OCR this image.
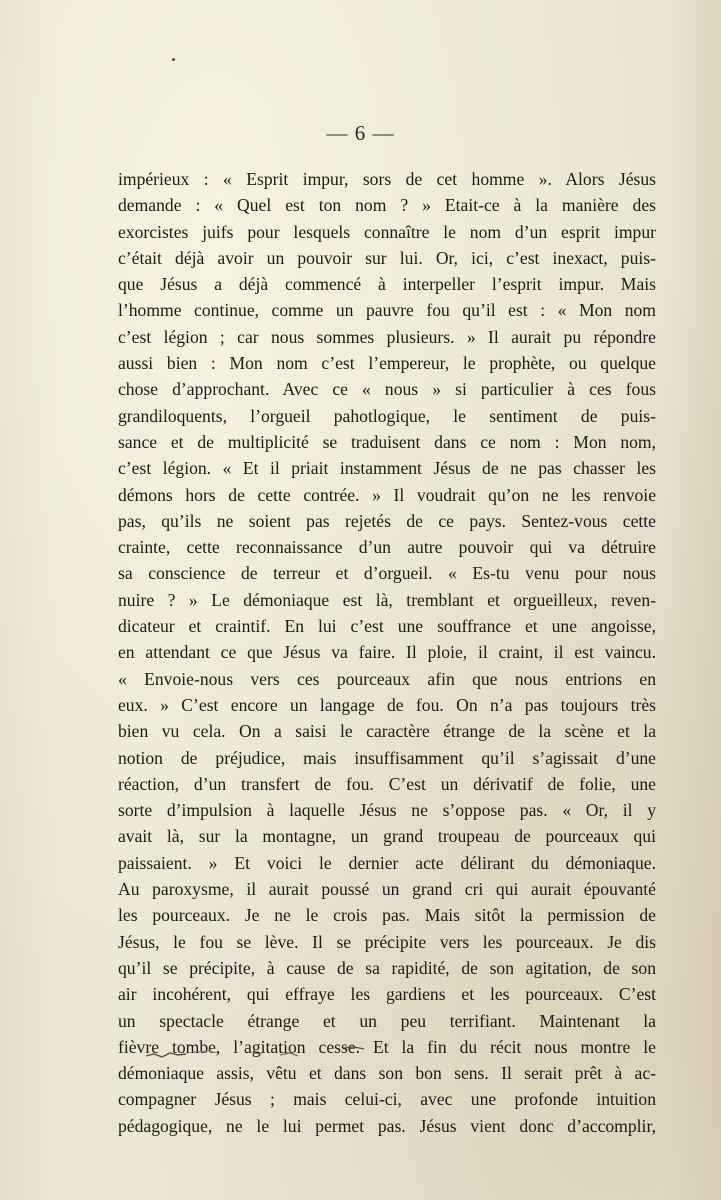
— 6 —
impérieux : « Esprit impur, sors de cet homme ». Alors Jésus
demande : « Quel est ton nom ? » Etait-ce à la manière des
exorcistes juifs pour lesquels connaître le nom d’un esprit impur
c’était déjà avoir un pouvoir sur lui. Or, ici, c’est inexact, puis-
que Jésus a déjà commencé à interpeller l’esprit impur. Mais
l’homme continue, comme un pauvre fou qu’il est : « Mon nom
c’est légion ; car nous sommes plusieurs. » Il aurait pu répondre
aussi bien : Mon nom c’est l’empereur, le prophète, ou quelque
chose d’approchant. Avec ce « nous » si particulier à ces fous
grandiloquents, l’orgueil pahotlogique, le sentiment de puis-
sance et de multiplicité se traduisent dans ce nom : Mon nom,
c’est légion. « Et il priait instamment Jésus de ne pas chasser les
démons hors de cette contrée. » Il voudrait qu’on ne les renvoie
pas, qu’ils ne soient pas rejetés de ce pays. Sentez-vous cette
crainte, cette reconnaissance d’un autre pouvoir qui va détruire
sa conscience de terreur et d’orgueil. « Es-tu venu pour nous
nuire ? » Le démoniaque est là, tremblant et orgueilleux, reven-
dicateur et craintif. En lui c’est une souffrance et une angoisse,
en attendant ce que Jésus va faire. Il ploie, il craint, il est vaincu.
« Envoie-nous vers ces pourceaux afin que nous entrions en
eux. » C’est encore un langage de fou. On n’a pas toujours très
bien vu cela. On a saisi le caractère étrange de la scène et la
notion de préjudice, mais insuffisamment qu’il s’agissait d’une
réaction, d’un transfert de fou. C’est un dérivatif de folie, une
sorte d’impulsion à laquelle Jésus ne s’oppose pas. « Or, il y
avait là, sur la montagne, un grand troupeau de pourceaux qui
paissaient. » Et voici le dernier acte délirant du démoniaque.
Au paroxysme, il aurait poussé un grand cri qui aurait épouvanté
les pourceaux. Je ne le crois pas. Mais sitôt la permission de
Jésus, le fou se lève. Il se précipite vers les pourceaux. Je dis
qu’il se précipite, à cause de sa rapidité, de son agitation, de son
air incohérent, qui effraye les gardiens et les pourceaux. C’est
un spectacle étrange et un peu terrifiant. Maintenant la
fièvre tombe, l’agitation cesse. Et la fin du récit nous montre le
démoniaque assis, vêtu et dans son bon sens. Il serait prêt à ac-
compagner Jésus ; mais celui-ci, avec une profonde intuition
pédagogique, ne le lui permet pas. Jésus vient donc d’accomplir,
